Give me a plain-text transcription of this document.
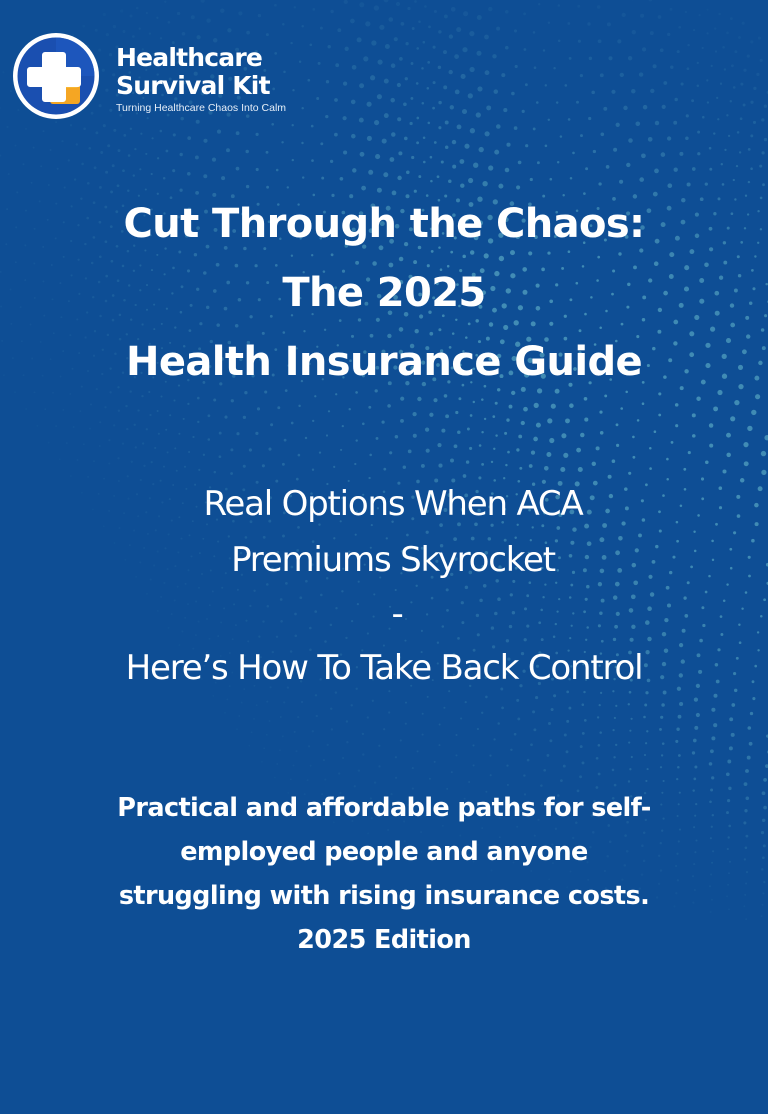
Healthcare
Survival Kit
Turning Healthcare Chaos Into Calm
Cut Through the Chaos:
The 2025
Health Insurance Guide
Real Options When ACA
Premiums Skyrocket
-
Here’s How To Take Back Control
Practical and affordable paths for self-
employed people and anyone
struggling with rising insurance costs.
2025 Edition
